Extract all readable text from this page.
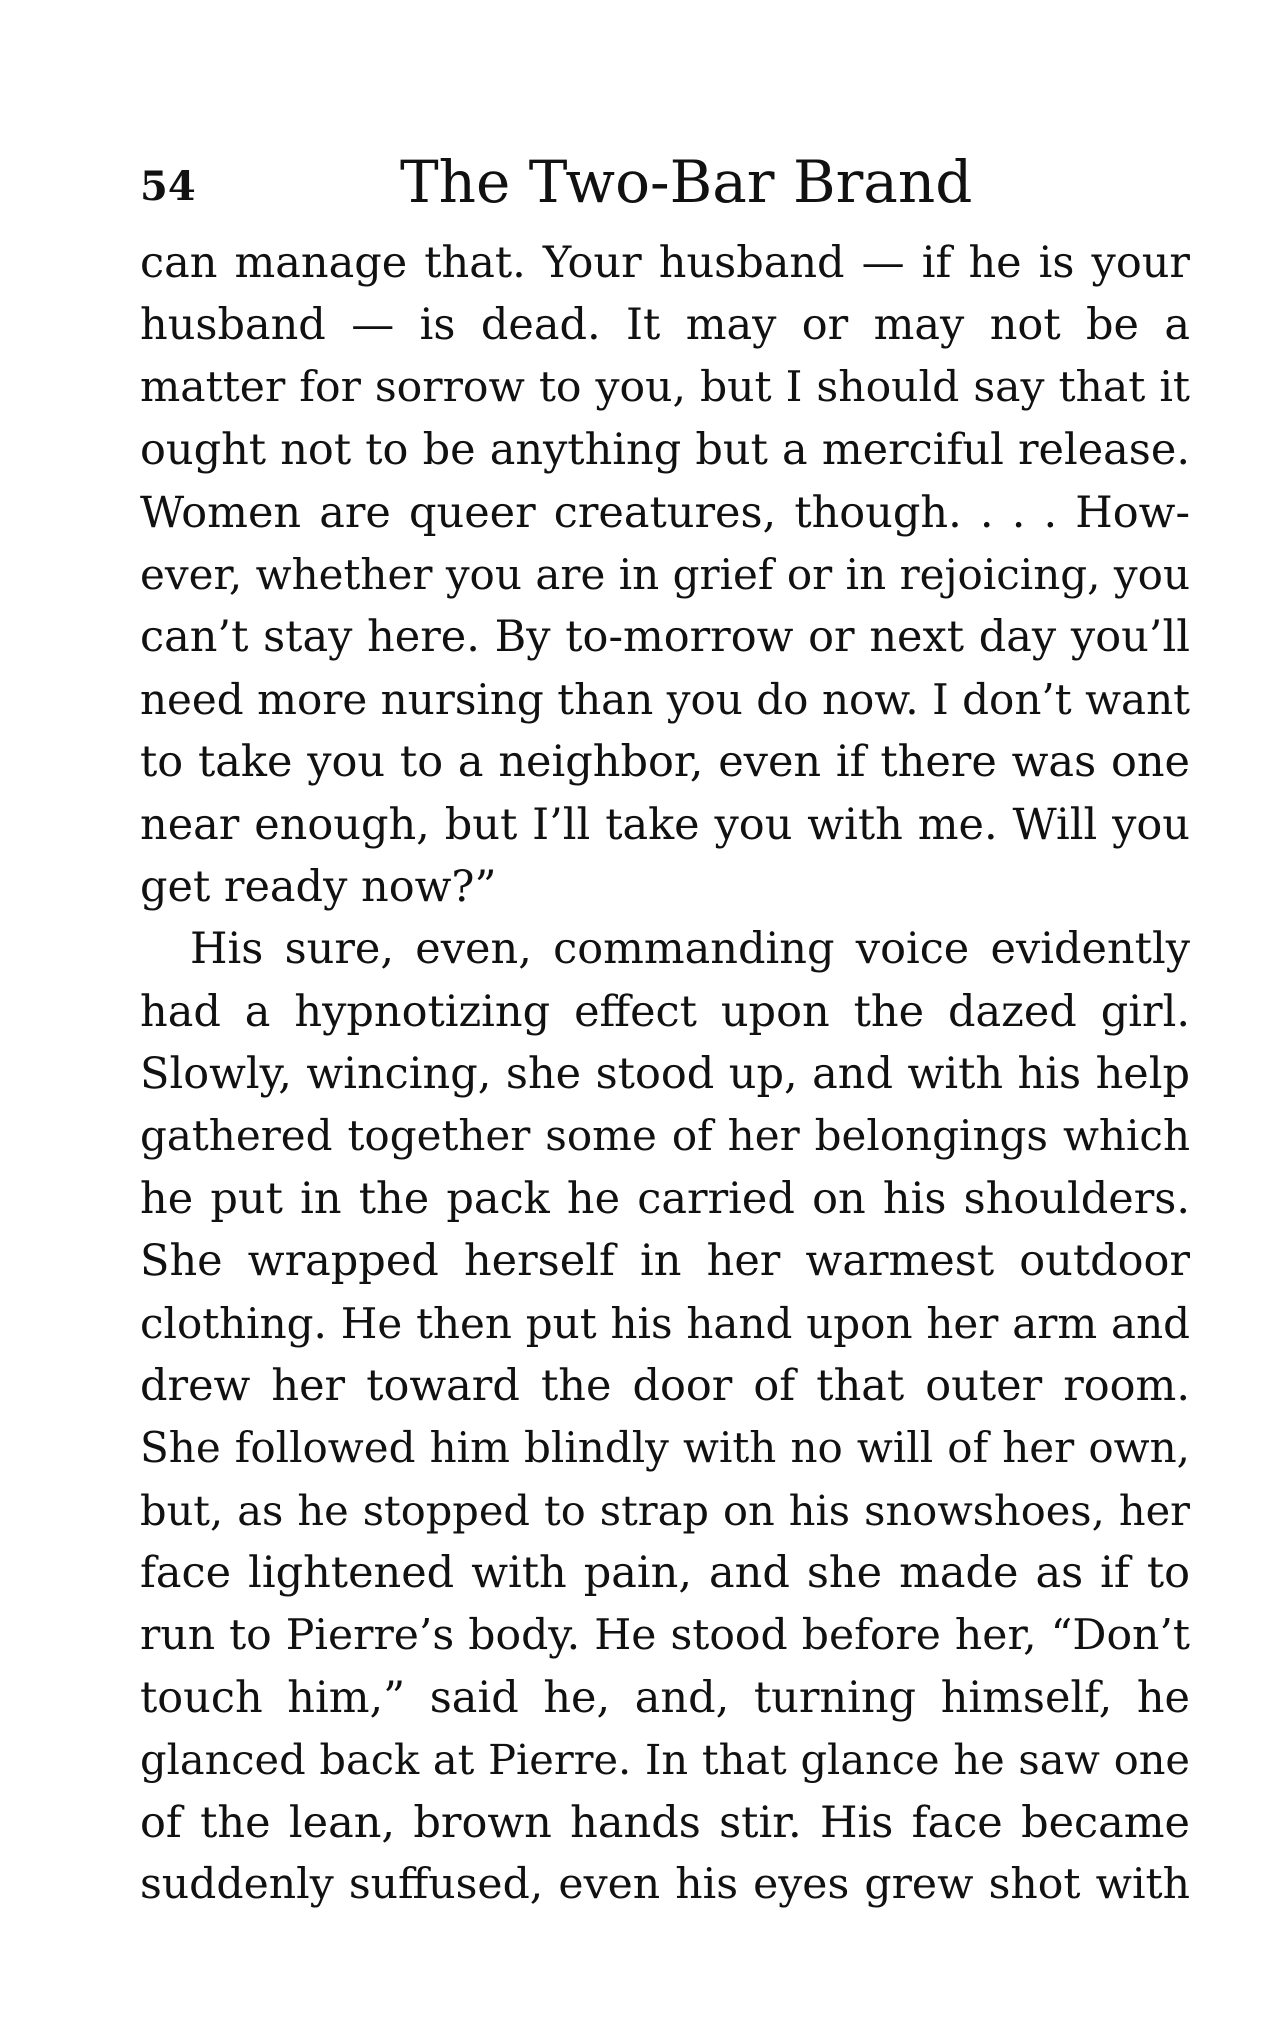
54	The Two-Bar Brand
can manage that. Your husband — if he is your
husband — is dead. It may or may not be a
matter for sorrow to you, but I should say that it
ought not to be anything but a merciful release.
Women are queer creatures, though. . . . How-
ever, whether you are in grief or in rejoicing, you
can’t stay here. By to-morrow or next day you’ll
need more nursing than you do now. I don’t want
to take you to a neighbor, even if there was one
near enough, but I’ll take you with me. Will you
get ready now?”
His sure, even, commanding voice evidently
had a hypnotizing effect upon the dazed girl.
Slowly, wincing, she stood up, and with his help
gathered together some of her belongings which
he put in the pack he carried on his shoulders.
She wrapped herself in her warmest outdoor
clothing. He then put his hand upon her arm and
drew her toward the door of that outer room.
She followed him blindly with no will of her own,
but, as he stopped to strap on his snowshoes, her
face lightened with pain, and she made as if to
run to Pierre’s body. He stood before her, “Don’t
touch him,” said he, and, turning himself, he
glanced back at Pierre. In that glance he saw one
of the lean, brown hands stir. His face became
suddenly suffused, even his eyes grew shot with
